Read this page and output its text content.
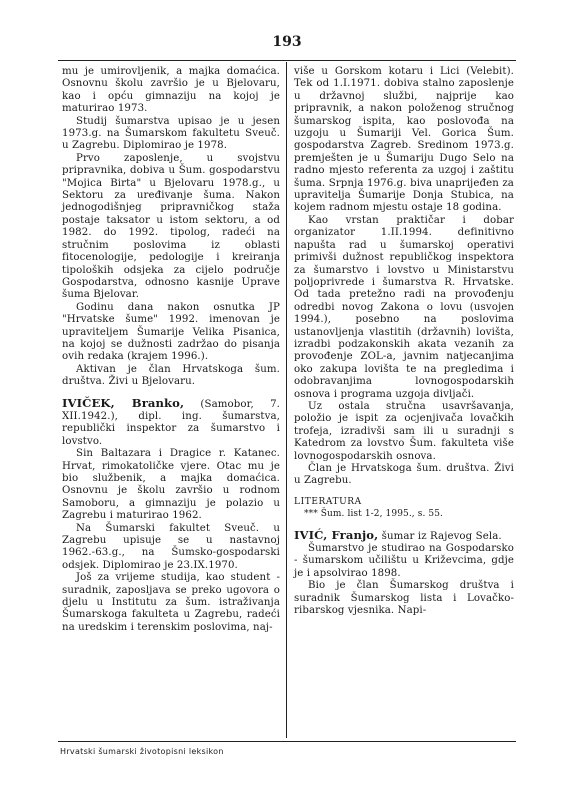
193

mu je umirovljenik, a majka domaćica. Osnovnu školu završio je u Bjelovaru, kao i opću gimnaziju na kojoj je maturirao 1973.

Studij šumarstva upisao je u jesen 1973.g. na Šumarskom fakultetu Sveuč. u Zagrebu. Diplomirao je 1978.

Prvo zaposlenje, u svojstvu pripravnika, dobiva u Šum. gospodarstvu "Mojica Birta" u Bjelovaru 1978.g., u Sektoru za uređivanje šuma. Nakon jednogodišnjeg pripravničkog staža postaje taksator u istom sektoru, a od 1982. do 1992. tipolog, radeći na stručnim poslovima iz oblasti fitocenologije, pedologije i kreiranja tipoloških odsjeka za cijelo područje Gospodarstva, odnosno kasnije Uprave šuma Bjelovar.

Godinu dana nakon osnutka JP "Hrvatske šume" 1992. imenovan je upraviteljem Šumarije Velika Pisanica, na kojoj se dužnosti zadržao do pisanja ovih redaka (krajem 1996.).

Aktivan je član Hrvatskoga šum. društva. Živi u Bjelovaru.

IVIČEK, Branko, (Samobor, 7. XII.1942.), dipl. ing. šumarstva, republički inspektor za šumarstvo i lovstvo.

Sin Baltazara i Dragice r. Katanec. Hrvat, rimokatoličke vjere. Otac mu je bio službenik, a majka domaćica. Osnovnu je školu završio u rodnom Samoboru, a gimnaziju je polazio u Zagrebu i maturirao 1962.

Na Šumarski fakultet Sveuč. u Zagrebu upisuje se u nastavnoj 1962.-63.g., na Šumsko-gospodarski odsjek. Diplomirao je 23.IX.1970.

Još za vrijeme studija, kao student - suradnik, zaposljava se preko ugovora o djelu u Institutu za šum. istraživanja Šumarskoga fakulteta u Zagrebu, radeći na uredskim i terenskim poslovima, naj-

više u Gorskom kotaru i Lici (Velebit). Tek od 1.I.1971. dobiva stalno zaposlenje u državnoj službi, najprije kao pripravnik, a nakon položenog stručnog šumarskog ispita, kao poslovođa na uzgoju u Šumariji Vel. Gorica Šum. gospodarstva Zagreb. Sredinom 1973.g. premješten je u Šumariju Dugo Selo na radno mjesto referenta za uzgoj i zaštitu šuma. Srpnja 1976.g. biva unaprijeđen za upravitelja Šumarije Donja Stubica, na kojem radnom mjestu ostaje 18 godina.

Kao vrstan praktičar i dobar organizator 1.II.1994. definitivno napušta rad u šumarskoj operativi primivši dužnost republičkog inspektora za šumarstvo i lovstvo u Ministarstvu poljoprivrede i šumarstva R. Hrvatske. Od tada pretežno radi na provođenju odredbi novog Zakona o lovu (usvojen 1994.), posebno na poslovima ustanovljenja vlastitih (državnih) lovišta, izradbi podzakonskih akata vezanih za provođenje ZOL-a, javnim natjecanjima oko zakupa lovišta te na pregledima i odobravanjima lovnogospodarskih osnova i programa uzgoja divljači.

Uz ostala stručna usavršavanja, položio je ispit za ocjenjivača lovačkih trofeja, izradivši sam ili u suradnji s Katedrom za lovstvo Šum. fakulteta više lovnogospodarskih osnova.

Član je Hrvatskoga šum. društva. Živi u Zagrebu.

LITERATURA

*** Šum. list 1-2, 1995., s. 55.

IVIĆ, Franjo, šumar iz Rajevog Sela.

Šumarstvo je studirao na Gospodarsko - šumarskom učilištu u Križevcima, gdje je i apsolvirao 1898.

Bio je član Šumarskog društva i suradnik Šumarskog lista i Lovačko-ribarskog vjesnika. Napi-

Hrvatski šumarski životopisni leksikon
